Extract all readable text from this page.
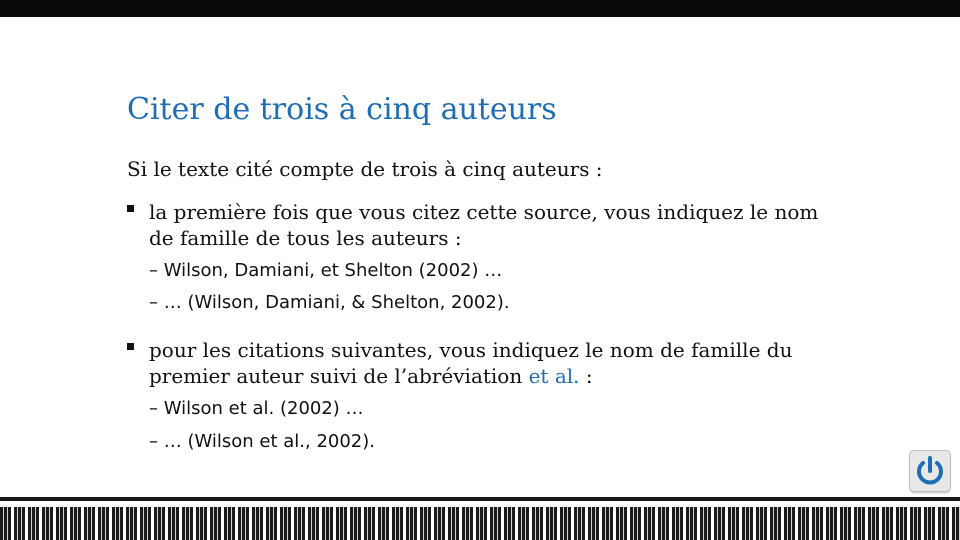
Citer de trois à cinq auteurs
Si le texte cité compte de trois à cinq auteurs :
la première fois que vous citez cette source, vous indiquez le nom de famille de tous les auteurs :
– Wilson, Damiani, et Shelton (2002) …
– … (Wilson, Damiani, & Shelton, 2002).
pour les citations suivantes, vous indiquez le nom de famille du premier auteur suivi de l’abréviation et al. :
– Wilson et al. (2002) …
– … (Wilson et al., 2002).
